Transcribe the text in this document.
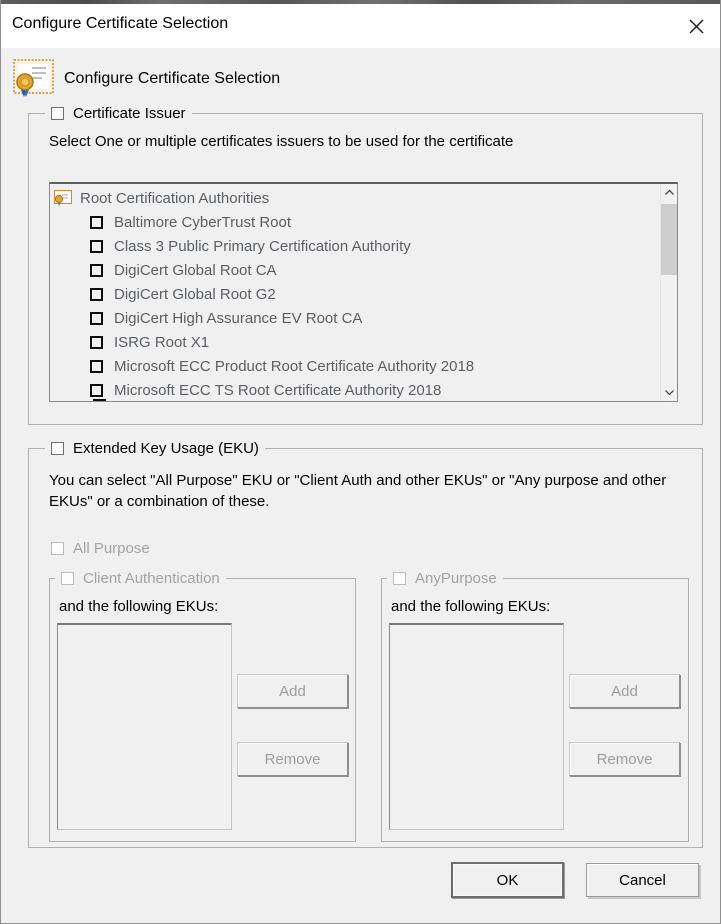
Configure Certificate Selection
Configure Certificate Selection
Certificate Issuer
Select One or multiple certificates issuers to be used for the certificate
Root Certification Authorities
Baltimore CyberTrust Root
Class 3 Public Primary Certification Authority
DigiCert Global Root CA
DigiCert Global Root G2
DigiCert High Assurance EV Root CA
ISRG Root X1
Microsoft ECC Product Root Certificate Authority 2018
Microsoft ECC TS Root Certificate Authority 2018
Extended Key Usage (EKU)
You can select "All Purpose" EKU or "Client Auth and other EKUs" or "Any purpose and other EKUs" or a combination of these.
All Purpose
Client Authentication
and the following EKUs:
Add
Remove
AnyPurpose
and the following EKUs:
Add
Remove
OK	Cancel
